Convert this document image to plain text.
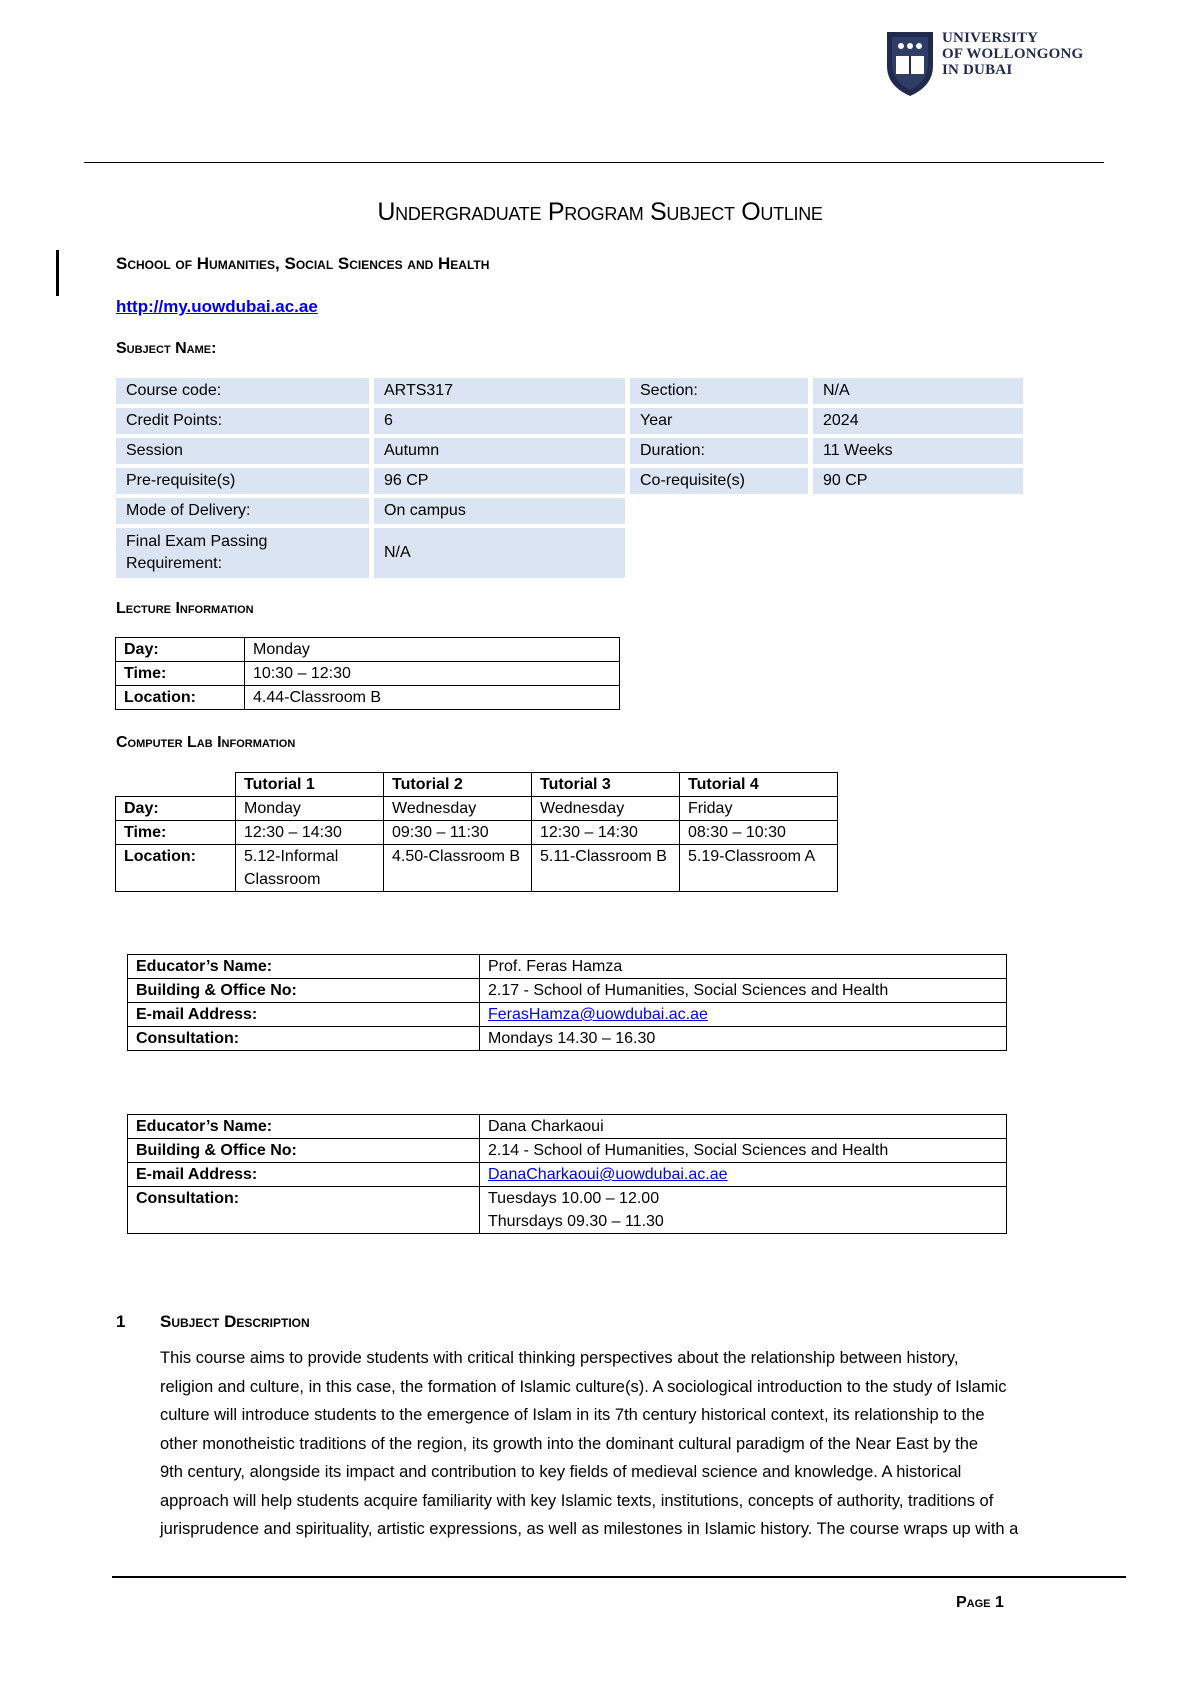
UNIVERSITY
OF WOLLONGONG
IN DUBAI
Undergraduate Program Subject Outline
School of Humanities, Social Sciences and Health
http://my.uowdubai.ac.ae
Subject Name:
Course code:	ARTS317	Section:	N/A
Credit Points:	6	Year	2024
Session	Autumn	Duration:	11 Weeks
Pre-requisite(s)	96 CP	Co-requisite(s)	90 CP
Mode of Delivery:	On campus
Final Exam Passing Requirement:
N/A
Lecture Information
Day:	Monday
Time:	10:30 – 12:30
Location:	4.44-Classroom B
Computer Lab Information
	Tutorial 1	Tutorial 2	Tutorial 3	Tutorial 4
Day:	Monday	Wednesday	Wednesday	Friday
Time:	12:30 – 14:30	09:30 – 11:30	12:30 – 14:30	08:30 – 10:30
Location:	5.12-Informal Classroom	4.50-Classroom B	5.11-Classroom B	5.19-Classroom A
Educator’s Name:	Prof. Feras Hamza
Building & Office No:	2.17 - School of Humanities, Social Sciences and Health
E-mail Address:	FerasHamza@uowdubai.ac.ae
Consultation:	Mondays 14.30 – 16.30
Educator’s Name:	Dana Charkaoui
Building & Office No:	2.14 - School of Humanities, Social Sciences and Health
E-mail Address:	DanaCharkaoui@uowdubai.ac.ae
Consultation:	Tuesdays 10.00 – 12.00
Thursdays 09.30 – 11.30
1 Subject Description
This course aims to provide students with critical thinking perspectives about the relationship between history,
religion and culture, in this case, the formation of Islamic culture(s). A sociological introduction to the study of Islamic
culture will introduce students to the emergence of Islam in its 7th century historical context, its relationship to the
other monotheistic traditions of the region, its growth into the dominant cultural paradigm of the Near East by the
9th century, alongside its impact and contribution to key fields of medieval science and knowledge. A historical
approach will help students acquire familiarity with key Islamic texts, institutions, concepts of authority, traditions of
jurisprudence and spirituality, artistic expressions, as well as milestones in Islamic history. The course wraps up with a
Page 1
